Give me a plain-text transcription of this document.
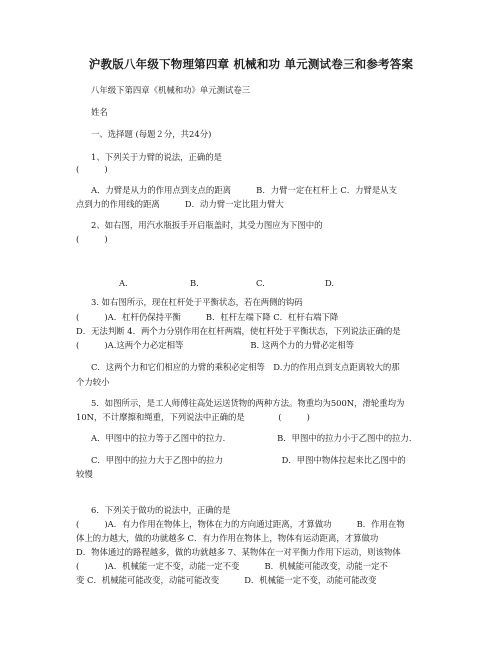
沪教版八年级下物理第四章 机械和功 单元测试卷三和参考答案
八年级下第四章《机械和功》单元测试卷三
姓名
一、选择题 (每题２分，共24分)
1、下列关于力臂的说法，正确的是
(　　　)
A．力臂是从力的作用点到支点的距离　　　B．力臂一定在杠杆上 C．力臂是从支
点到力的作用线的距离　　　D．动力臂一定比阻力臂大
2、如右图，用汽水瓶扳手开启瓶盖时，其受力图应为下图中的
(　　　)
A.	B.	C.	D.
3. 如右图所示，现在杠杆处于平衡状态，若在两侧的钩码
(　　　)A．杠杆仍保持平衡　　　B．杠杆左端下降 C．杠杆右端下降
D．无法判断 4．两个力分别作用在杠杆两端，使杠杆处于平衡状态，下列说法正确的是
(　　　)A.这两个力必定相等　　　　　　　　B. 这两个力的力臂必定相等
C．这两个力和它们相应的力臂的乘积必定相等　D.力的作用点到支点距离较大的那
个力较小
5．如图所示，是工人师傅往高处运送货物的两种方法。物重均为500N，滑轮重均为
10N，不计摩擦和绳重，下列说法中正确的是　　　　(　　　)
A．甲图中的拉力等于乙图中的拉力．　　　　　　B．甲图中的拉力小于乙图中的拉力．
C．甲图中的拉力大于乙图中的拉力　　　　　　　D．甲图中物体拉起来比乙图中的
较慢
6．下列关于做功的说法中，正确的是
(　　　)A．有力作用在物体上，物体在力的方向通过距离，才算做功　　　B．作用在物
体上的力越大，做的功就越多 C．有力作用在物体上，物体有运动距离，才算做功
D．物体通过的路程越多，做的功就越多 7、某物体在一对平衡力作用下运动，则该物体
(　　　)A．机械能一定不变，动能一定不变　　　B．机械能可能改变，动能一定不
变 C．机械能可能改变，动能可能改变　　　D．机械能一定不变，动能可能改变
